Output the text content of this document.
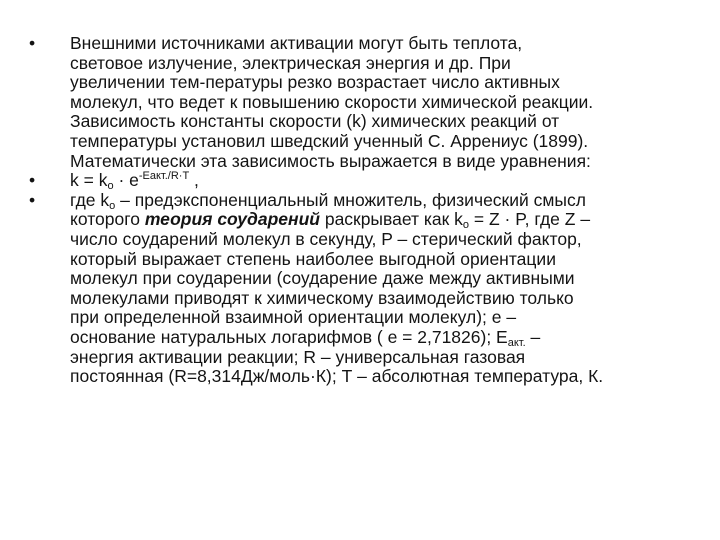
• Внешними источниками активации могут быть теплота,
световое излучение, электрическая энергия и др. При
увеличении тем-пературы резко возрастает число активных
молекул, что ведет к повышению скорости химической реакции.
Зависимость константы скорости (k) химических реакций от
температуры установил шведский ученный С. Аррениус (1899).
Математически эта зависимость выражается в виде уравнения:
• $k = k_o \cdot e^{-Eакт./R\cdot T}$ ,
• где $k_o$ – предэкспоненциальный множитель, физический смысл
которого теория соударений раскрывает как $k_o = Z \cdot P$, где Z –
число соударений молекул в секунду, P – стерический фактор,
который выражает степень наиболее выгодной ориентации
молекул при соударении (соударение даже между активными
молекулами приводят к химическому взаимодействию только
при определенной взаимной ориентации молекул); e –
основание натуральных логарифмов ( e = 2,71826); $E_{акт.}$ –
энергия активации реакции; R – универсальная газовая
постоянная (R=8,314Дж/моль·К); Т – абсолютная температура, К.
